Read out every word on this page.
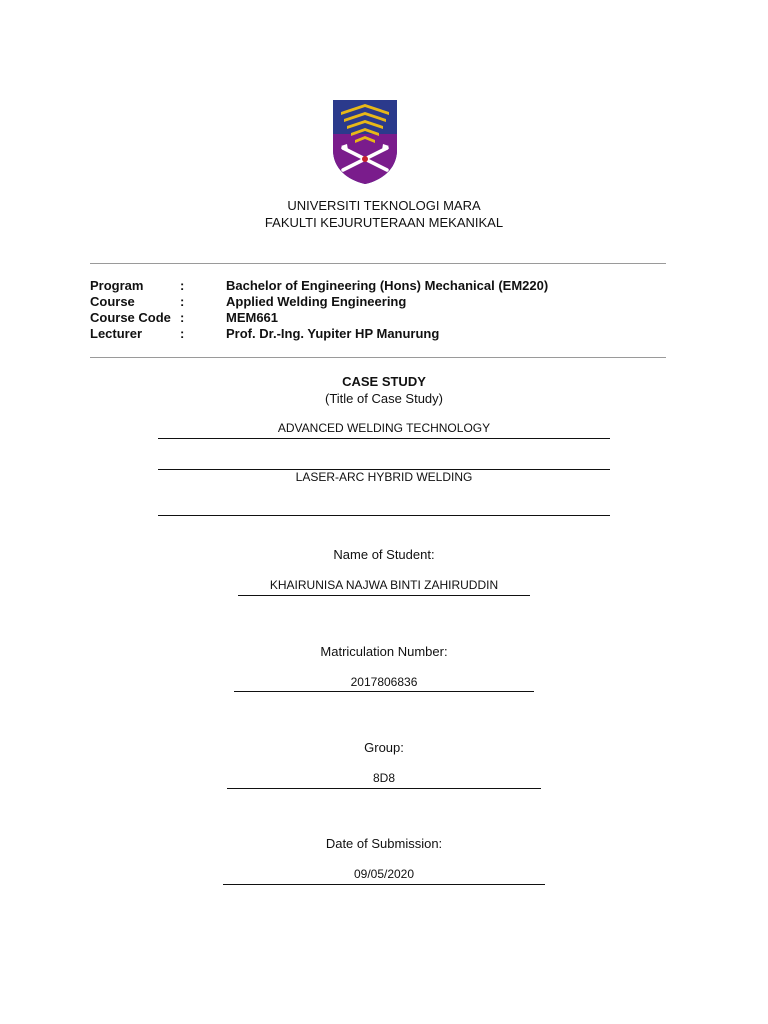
UNIVERSITI TEKNOLOGI MARA
FAKULTI KEJURUTERAAN MEKANIKAL
Program	:	Bachelor of Engineering (Hons) Mechanical (EM220)
Course	:	Applied Welding Engineering
Course Code :	MEM661
Lecturer	:	Prof. Dr.-Ing. Yupiter HP Manurung
CASE STUDY
(Title of Case Study)
ADVANCED WELDING TECHNOLOGY
LASER-ARC HYBRID WELDING
Name of Student:
KHAIRUNISA NAJWA BINTI ZAHIRUDDIN
Matriculation Number:
2017806836
Group:
8D8
Date of Submission:
09/05/2020
